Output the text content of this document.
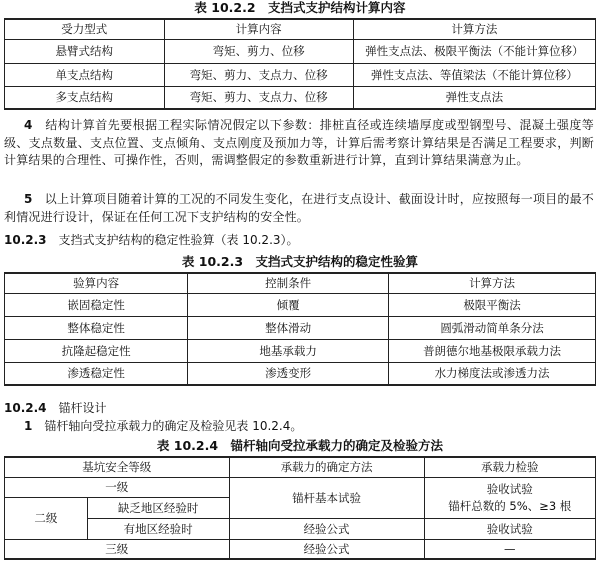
表 10.2.2　支挡式支护结构计算内容
受力型式	计算内容	计算方法
悬臂式结构	弯矩、剪力、位移	弹性支点法、极限平衡法（不能计算位移）
单支点结构	弯矩、剪力、支点力、位移	弹性支点法、等值梁法（不能计算位移）
多支点结构	弯矩、剪力、支点力、位移	弹性支点法
4　 结构计算首先要根据工程实际情况假定以下参数：排桩直径或连续墙厚度或型钢型号、混凝土强度等级、支点数量、支点位置、支点倾角、支点刚度及预加力等，计算后需考察计算结果是否满足工程要求，判断计算结果的合理性、可操作性，否则，需调整假定的参数重新进行计算，直到计算结果满意为止。
5　 以上计算项目随着计算的工况的不同发生变化，在进行支点设计、截面设计时，应按照每一项目的最不利情况进行设计，保证在任何工况下支护结构的安全性。
10.2.3　 支挡式支护结构的稳定性验算（表 10.2.3）。
表 10.2.3　支挡式支护结构的稳定性验算
验算内容	控制条件	计算方法
嵌固稳定性	倾覆	极限平衡法
整体稳定性	整体滑动	圆弧滑动简单条分法
抗隆起稳定性	地基承载力	普朗德尔地基极限承载力法
渗透稳定性	渗透变形	水力梯度法或渗透力法
10.2.4　 锚杆设计
1　 锚杆轴向受拉承载力的确定及检验见表 10.2.4。
表 10.2.4　锚杆轴向受拉承载力的确定及检验方法
基坑安全等级		承载力的确定方法	承载力检验
一级		锚杆基本试验	验收试验
锚杆总数的 5%、≥3 根

二级	缺乏地区经验时		
	有地区经验时	经验公式	验收试验
三级		经验公式	—
